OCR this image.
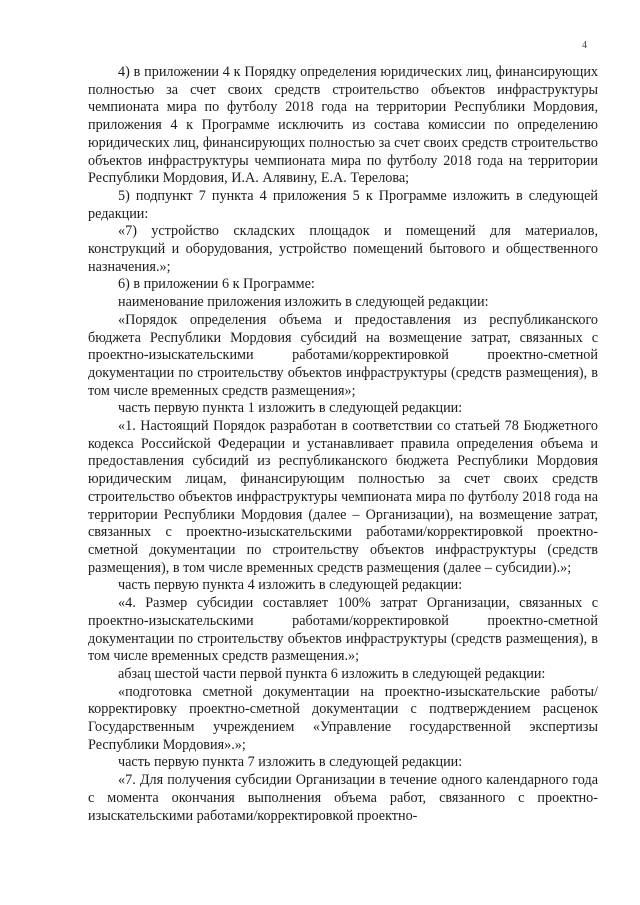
4

4) в приложении 4 к Порядку определения юридических лиц, финансирующих полностью за счет своих средств строительство объектов инфраструктуры чемпионата мира по футболу 2018 года на территории Республики Мордовия, приложения 4 к Программе исключить из состава комиссии по определению юридических лиц, финансирующих полностью за счет своих средств строительство объектов инфраструктуры чемпионата мира по футболу 2018 года на территории Республики Мордовия, И.А. Алявину, Е.А. Терелова;

5) подпункт 7 пункта 4 приложения 5 к Программе изложить в следующей редакции:

«7) устройство складских площадок и помещений для материалов, конструкций и оборудования, устройство помещений бытового и общественного назначения.»;

6) в приложении 6 к Программе:

наименование приложения изложить в следующей редакции:

«Порядок определения объема и предоставления из республиканского бюджета Республики Мордовия субсидий на возмещение затрат, связанных с проектно-изыскательскими работами/корректировкой проектно-сметной документации по строительству объектов инфраструктуры (средств размещения), в том числе временных средств размещения»;

часть первую пункта 1 изложить в следующей редакции:

«1. Настоящий Порядок разработан в соответствии со статьей 78 Бюджетного кодекса Российской Федерации и устанавливает правила определения объема и предоставления субсидий из республиканского бюджета Республики Мордовия юридическим лицам, финансирующим полностью за счет своих средств строительство объектов инфраструктуры чемпионата мира по футболу 2018 года на территории Республики Мордовия (далее – Организации), на возмещение затрат, связанных с проектно-изыскательскими работами/корректировкой проектно-сметной документации по строительству объектов инфраструктуры (средств размещения), в том числе временных средств размещения (далее – субсидии).»;

часть первую пункта 4 изложить в следующей редакции:

«4. Размер субсидии составляет 100% затрат Организации, связанных с проектно-изыскательскими работами/корректировкой проектно-сметной документации по строительству объектов инфраструктуры (средств размещения), в том числе временных средств размещения.»;

абзац шестой части первой пункта 6 изложить в следующей редакции:

«подготовка сметной документации на проектно-изыскательские работы/корректировку проектно-сметной документации с подтверждением расценок Государственным учреждением «Управление государственной экспертизы Республики Мордовия».»;

часть первую пункта 7 изложить в следующей редакции:

«7. Для получения субсидии Организации в течение одного календарного года с момента окончания выполнения объема работ, связанного с проектно-изыскательскими работами/корректировкой проектно-
